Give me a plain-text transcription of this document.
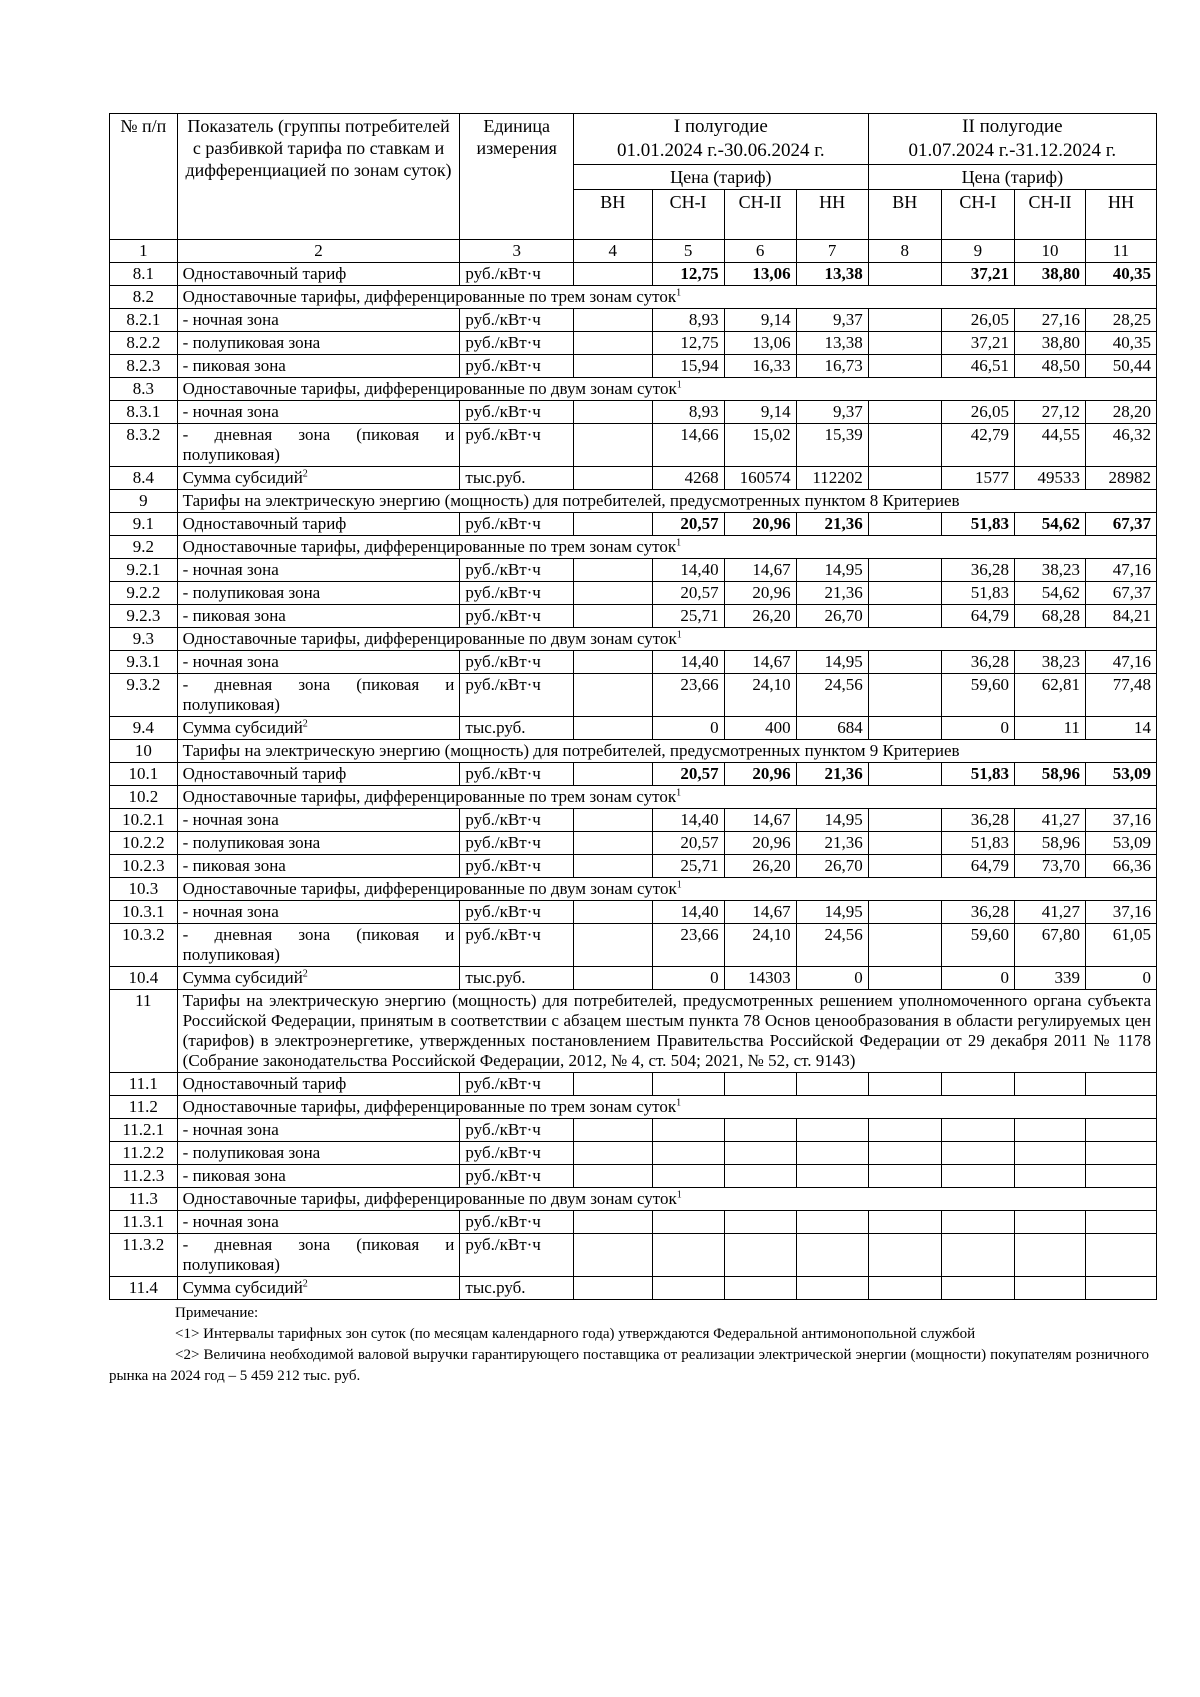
№ п/п	Показатель (группы потребителей с разбивкой тарифа по ставкам и дифференциацией по зонам суток)	Единица измерения	I полугодие
01.01.2024 г.-30.06.2024 г.				II полугодие
01.07.2024 г.-31.12.2024 г.			

			Цена (тариф)				Цена (тариф)			
			ВН	СН-I	СН-II	НН	ВН	СН-I	СН-II	НН
1	2	3	4	5	6	7	8	9	10	11
8.1	Одноставочный тариф	руб./кВт·ч		12,75	13,06	13,38		37,21	38,80	40,35
8.2	Одноставочные тарифы, дифференцированные по трем зонам суток$^1$
8.2.1	- ночная зона	руб./кВт·ч		8,93	9,14	9,37		26,05	27,16	28,25
8.2.2	- полупиковая зона	руб./кВт·ч		12,75	13,06	13,38		37,21	38,80	40,35
8.2.3	- пиковая зона	руб./кВт·ч		15,94	16,33	16,73		46,51	48,50	50,44
8.3	Одноставочные тарифы, дифференцированные по двум зонам суток$^1$
8.3.1	- ночная зона	руб./кВт·ч		8,93	9,14	9,37		26,05	27,12	28,20
8.3.2	- дневная зона (пиковая и полупиковая)	руб./кВт·ч		14,66	15,02	15,39		42,79	44,55	46,32
8.4	Сумма субсидий$^2$	тыс.руб.		4268	160574	112202		1577	49533	28982
9	Тарифы на электрическую энергию (мощность) для потребителей, предусмотренных пунктом 8 Критериев									
9.1	Одноставочный тариф	руб./кВт·ч		20,57	20,96	21,36		51,83	54,62	67,37
9.2	Одноставочные тарифы, дифференцированные по трем зонам суток$^1$
9.2.1	- ночная зона	руб./кВт·ч		14,40	14,67	14,95		36,28	38,23	47,16
9.2.2	- полупиковая зона	руб./кВт·ч		20,57	20,96	21,36		51,83	54,62	67,37
9.2.3	- пиковая зона	руб./кВт·ч		25,71	26,20	26,70		64,79	68,28	84,21
9.3	Одноставочные тарифы, дифференцированные по двум зонам суток$^1$
9.3.1	- ночная зона	руб./кВт·ч		14,40	14,67	14,95		36,28	38,23	47,16
9.3.2	- дневная зона (пиковая и полупиковая)	руб./кВт·ч		23,66	24,10	24,56		59,60	62,81	77,48
9.4	Сумма субсидий$^2$	тыс.руб.		0	400	684		0	11	14
10	Тарифы на электрическую энергию (мощность) для потребителей, предусмотренных пунктом 9 Критериев									
10.1	Одноставочный тариф	руб./кВт·ч		20,57	20,96	21,36		51,83	58,96	53,09
10.2	Одноставочные тарифы, дифференцированные по трем зонам суток$^1$
10.2.1	- ночная зона	руб./кВт·ч		14,40	14,67	14,95		36,28	41,27	37,16
10.2.2	- полупиковая зона	руб./кВт·ч		20,57	20,96	21,36		51,83	58,96	53,09
10.2.3	- пиковая зона	руб./кВт·ч		25,71	26,20	26,70		64,79	73,70	66,36
10.3	Одноставочные тарифы, дифференцированные по двум зонам суток$^1$
10.3.1	- ночная зона	руб./кВт·ч		14,40	14,67	14,95		36,28	41,27	37,16
10.3.2	- дневная зона (пиковая и полупиковая)	руб./кВт·ч		23,66	24,10	24,56		59,60	67,80	61,05
10.4	Сумма субсидий$^2$	тыс.руб.		0	14303	0		0	339	0
11	Тарифы на электрическую энергию (мощность) для потребителей, предусмотренных решением уполномоченного органа субъекта Российской Федерации, принятым в соответствии с абзацем шестым пункта 78 Основ ценообразования в области регулируемых цен (тарифов) в электроэнергетике, утвержденных постановлением Правительства Российской Федерации от 29 декабря 2011 № 1178 (Собрание законодательства Российской Федерации, 2012, № 4, ст. 504; 2021, № 52, ст. 9143)									
11.1	Одноставочный тариф	руб./кВт·ч								
11.2	Одноставочные тарифы, дифференцированные по трем зонам суток$^1$
11.2.1	- ночная зона	руб./кВт·ч								
11.2.2	- полупиковая зона	руб./кВт·ч								
11.2.3	- пиковая зона	руб./кВт·ч								
11.3	Одноставочные тарифы, дифференцированные по двум зонам суток$^1$
11.3.1	- ночная зона	руб./кВт·ч								
11.3.2	- дневная зона (пиковая и полупиковая)	руб./кВт·ч								
11.4	Сумма субсидий$^2$	тыс.руб.								
Примечание:
<1> Интервалы тарифных зон суток (по месяцам календарного года) утверждаются Федеральной антимонопольной службой
<2> Величина необходимой валовой выручки гарантирующего поставщика от реализации электрической энергии (мощности) покупателям розничного рынка на 2024 год – 5 459 212 тыс. руб.
